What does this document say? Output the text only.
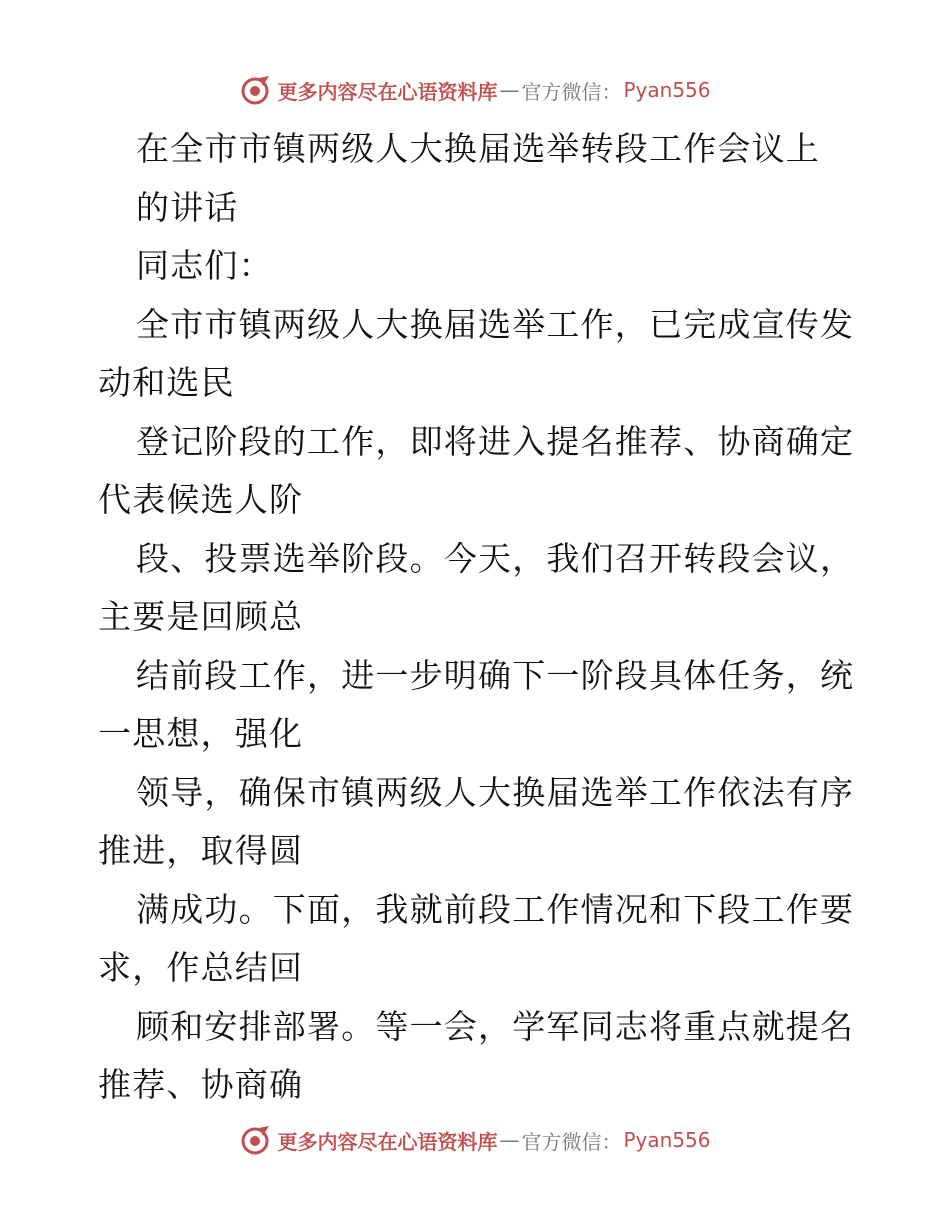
更多内容尽在心语资料库 — 官方微信： Pyan556
在全市市镇两级人大换届选举转段工作会议上
的讲话
同志们：
全市市镇两级人大换届选举工作，已完成宣传发
动和选民
登记阶段的工作，即将进入提名推荐、协商确定
代表候选人阶
段、投票选举阶段。今天，我们召开转段会议，
主要是回顾总
结前段工作，进一步明确下一阶段具体任务，统
一思想，强化
领导，确保市镇两级人大换届选举工作依法有序
推进，取得圆
满成功。下面，我就前段工作情况和下段工作要
求，作总结回
顾和安排部署。等一会，学军同志将重点就提名
推荐、协商确
更多内容尽在心语资料库 — 官方微信： Pyan556
